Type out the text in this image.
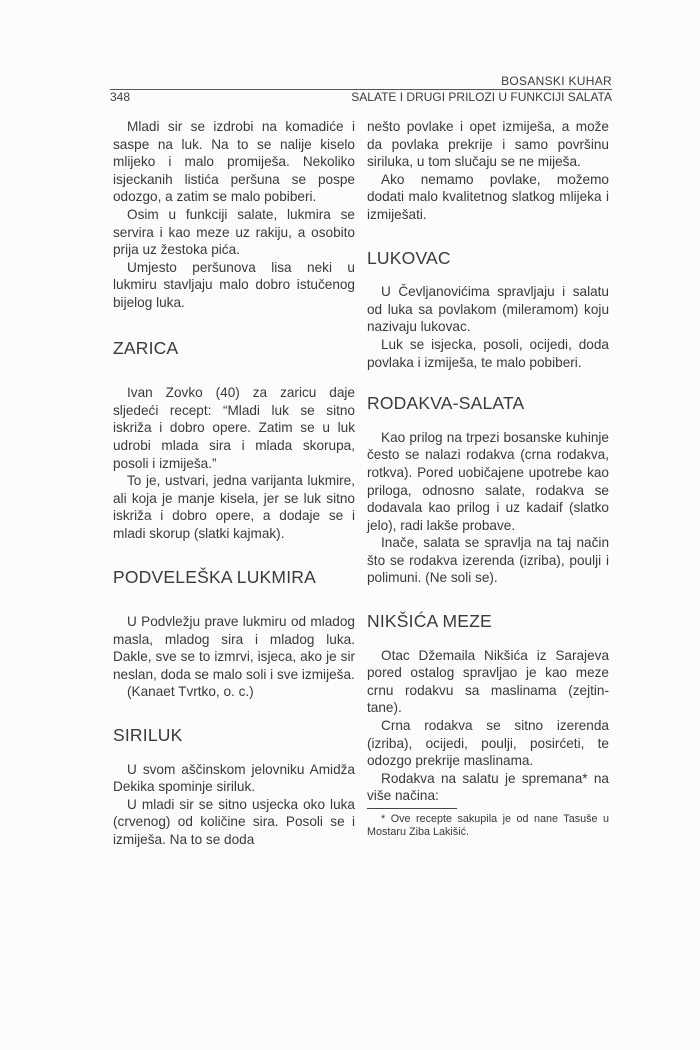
BOSANSKI KUHAR
348	SALATE I DRUGI PRILOZI U FUNKCIJI SALATA

Mladi sir se izdrobi na komadiće i saspe na luk. Na to se nalije kiselo mlijeko i malo promiješa. Nekoliko isjeckanih listića peršuna se pospe odozgo, a zatim se malo pobiberi.

Osim u funkciji salate, lukmira se servira i kao meze uz rakiju, a osobito prija uz žestoka pića.

Umjesto peršunova lisa neki u lukmiru stavljaju malo dobro istučenog bijelog luka.

ZARICA

Ivan Zovko (40) za zaricu daje sljedeći recept: “Mladi luk se sitno iskriža i dobro opere. Zatim se u luk udrobi mlada sira i mlada skorupa, posoli i izmiješa.”

To je, ustvari, jedna varijanta lukmire, ali koja je manje kisela, jer se luk sitno iskriža i dobro opere, a dodaje se i mladi skorup (slatki kajmak).

PODVELEŠKA LUKMIRA

U Podvležju prave lukmiru od mladog masla, mladog sira i mladog luka. Dakle, sve se to izmrvi, isjeca, ako je sir neslan, doda se malo soli i sve izmiješa.

(Kanaet Tvrtko, o. c.)

SIRILUK

U svom aščinskom jelovniku Amidža Dekika spominje siriluk.

U mladi sir se sitno usjecka oko luka (crvenog) od količine sira. Posoli se i izmiješa. Na to se doda

nešto povlake i opet izmiješa, a može da povlaka prekrije i samo površinu siriluka, u tom slučaju se ne miješa.

Ako nemamo povlake, možemo dodati malo kvalitetnog slatkog mlijeka i izmiješati.

LUKOVAC

U Čevljanovićima spravljaju i salatu od luka sa povlakom (mileramom) koju nazivaju lukovac.

Luk se isjecka, posoli, ocijedi, doda povlaka i izmiješa, te malo pobiberi.

RODAKVA-SALATA

Kao prilog na trpezi bosanske kuhinje često se nalazi rodakva (crna rodakva, rotkva). Pored uobičajene upotrebe kao priloga, odnosno salate, rodakva se dodavala kao prilog i uz kadaif (slatko jelo), radi lakše probave.

Inače, salata se spravlja na taj način što se rodakva izerenda (izriba), poulji i polimuni. (Ne soli se).

NIKŠIĆA MEZE

Otac Džemaila Nikšića iz Sarajeva pored ostalog spravljao je kao meze crnu rodakvu sa maslinama (zejtin-tane).

Crna rodakva se sitno izerenda (izriba), ocijedi, poulji, posirćeti, te odozgo prekrije maslinama.

Rodakva na salatu je spremana* na više načina:

* Ove recepte sakupila je od nane Tasuše u Mostaru Ziba Lakišić.
